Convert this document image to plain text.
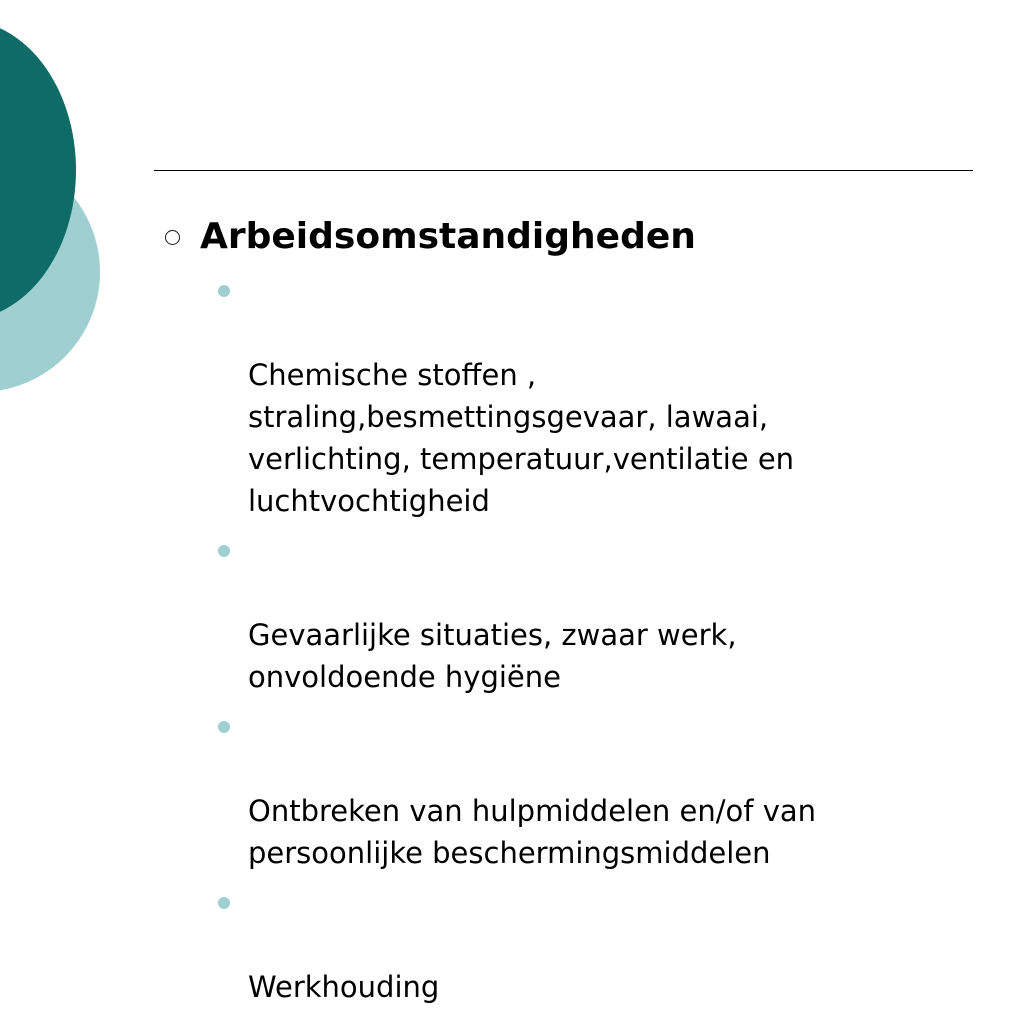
Arbeidsomstandigheden

Chemische stoffen ,
straling,besmettingsgevaar, lawaai,
verlichting, temperatuur,ventilatie en
luchtvochtigheid

Gevaarlijke situaties, zwaar werk,
onvoldoende hygiëne

Ontbreken van hulpmiddelen en/of van
persoonlijke beschermingsmiddelen

Werkhouding
